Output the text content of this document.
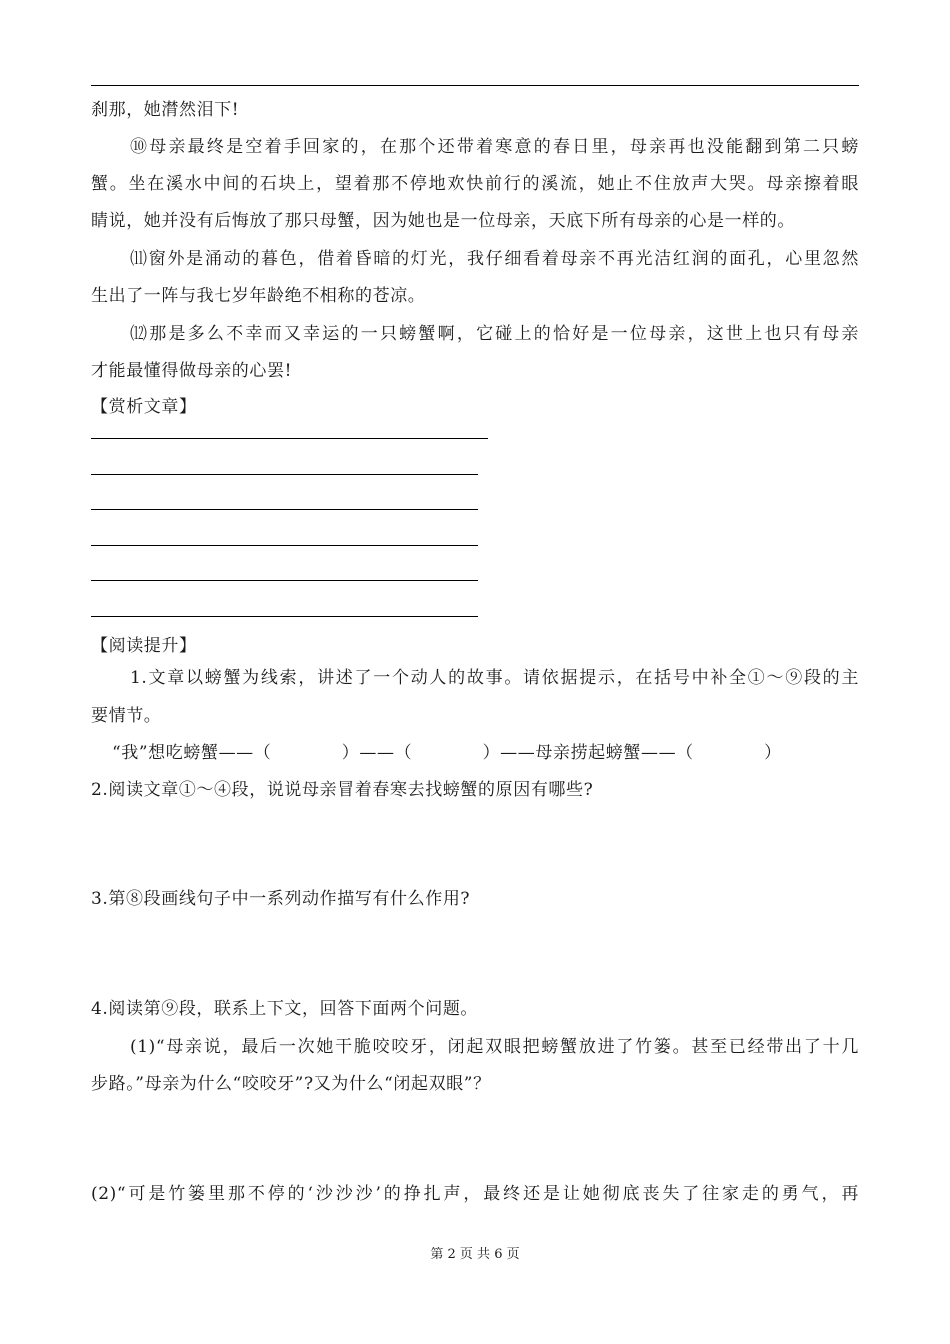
刹那，她潸然泪下!
⑩母亲最终是空着手回家的，在那个还带着寒意的春日里，母亲再也没能翻到第二只螃
蟹。坐在溪水中间的石块上，望着那不停地欢快前行的溪流，她止不住放声大哭。母亲擦着眼
睛说，她并没有后悔放了那只母蟹，因为她也是一位母亲，天底下所有母亲的心是一样的。
⑾窗外是涌动的暮色，借着昏暗的灯光，我仔细看着母亲不再光洁红润的面孔，心里忽然
生出了一阵与我七岁年龄绝不相称的苍凉。
⑿那是多么不幸而又幸运的一只螃蟹啊，它碰上的恰好是一位母亲，这世上也只有母亲
才能最懂得做母亲的心罢!
【赏析文章】
【阅读提升】
1.文章以螃蟹为线索，讲述了一个动人的故事。请依据提示，在括号中补全①～⑨段的主
要情节。
“我”想吃螃蟹——（　　　　）——（　　　　）——母亲捞起螃蟹——（　　　　）
2.阅读文章①～④段，说说母亲冒着春寒去找螃蟹的原因有哪些?
3.第⑧段画线句子中一系列动作描写有什么作用?
4.阅读第⑨段，联系上下文，回答下面两个问题。
(1)“母亲说，最后一次她干脆咬咬牙，闭起双眼把螃蟹放进了竹篓。甚至已经带出了十几
步路。”母亲为什么“咬咬牙”?又为什么“闭起双眼”？
(2)“可是竹篓里那不停的‘沙沙沙’的挣扎声，最终还是让她彻底丧失了往家走的勇气，再
第 2 页 共 6 页
